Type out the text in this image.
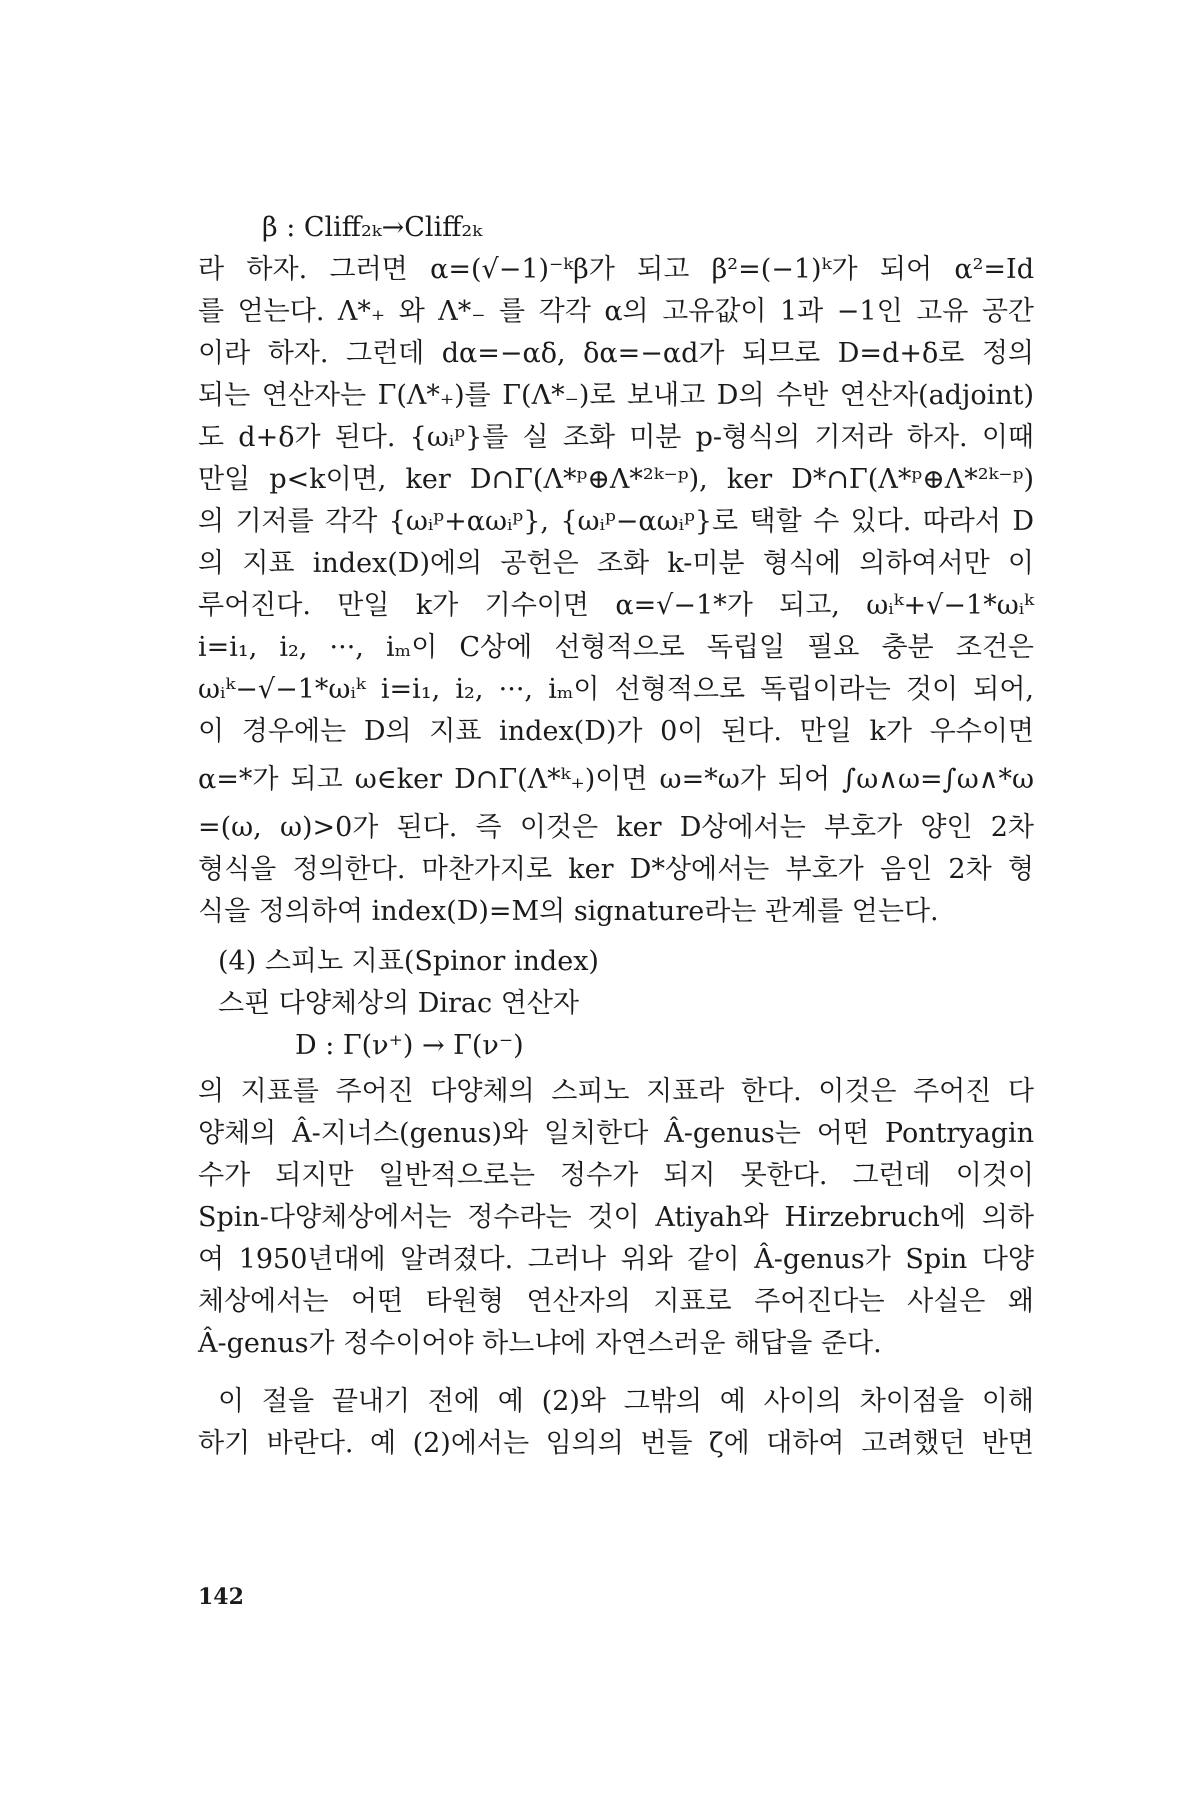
β : Cliff₂ₖ→Cliff₂ₖ
라 하자. 그러면 α=(√−1)⁻ᵏβ가 되고 β²=(−1)ᵏ가 되어 α²=Id
를 얻는다. Λ*₊ 와 Λ*₋ 를 각각 α의 고유값이 1과 −1인 고유 공간
이라 하자. 그런데 dα=−αδ, δα=−αd가 되므로 D=d+δ로 정의
되는 연산자는 Γ(Λ*₊)를 Γ(Λ*₋)로 보내고 D의 수반 연산자(adjoint)
도 d+δ가 된다. {ωᵢᵖ}를 실 조화 미분 p-형식의 기저라 하자. 이때
만일 p<k이면, ker D∩Γ(Λ*ᵖ⊕Λ*²ᵏ⁻ᵖ), ker D*∩Γ(Λ*ᵖ⊕Λ*²ᵏ⁻ᵖ)
의 기저를 각각 {ωᵢᵖ+αωᵢᵖ}, {ωᵢᵖ−αωᵢᵖ}로 택할 수 있다. 따라서 D
의 지표 index(D)에의 공헌은 조화 k-미분 형식에 의하여서만 이
루어진다. 만일 k가 기수이면 α=√−1*가 되고, ωᵢᵏ+√−1*ωᵢᵏ
i=i₁, i₂, ···, iₘ이 C상에 선형적으로 독립일 필요 충분 조건은
ωᵢᵏ−√−1*ωᵢᵏ i=i₁, i₂, ···, iₘ이 선형적으로 독립이라는 것이 되어,
이 경우에는 D의 지표 index(D)가 0이 된다. 만일 k가 우수이면
α=*가 되고 ω∈ker D∩Γ(Λ*ᵏ₊)이면 ω=*ω가 되어 ∫ω∧ω=∫ω∧*ω
=(ω, ω)>0가 된다. 즉 이것은 ker D상에서는 부호가 양인 2차
형식을 정의한다. 마찬가지로 ker D*상에서는 부호가 음인 2차 형
식을 정의하여 index(D)=M의 signature라는 관계를 얻는다.
(4) 스피노 지표(Spinor index)
스핀 다양체상의 Dirac 연산자
D : Γ(ν⁺) → Γ(ν⁻)
의 지표를 주어진 다양체의 스피노 지표라 한다. 이것은 주어진 다
양체의 Â-지너스(genus)와 일치한다 Â-genus는 어떤 Pontryagin
수가 되지만 일반적으로는 정수가 되지 못한다. 그런데 이것이
Spin-다양체상에서는 정수라는 것이 Atiyah와 Hirzebruch에 의하
여 1950년대에 알려졌다. 그러나 위와 같이 Â-genus가 Spin 다양
체상에서는 어떤 타원형 연산자의 지표로 주어진다는 사실은 왜
Â-genus가 정수이어야 하느냐에 자연스러운 해답을 준다.
이 절을 끝내기 전에 예 (2)와 그밖의 예 사이의 차이점을 이해
하기 바란다. 예 (2)에서는 임의의 번들 ζ에 대하여 고려했던 반면
142
